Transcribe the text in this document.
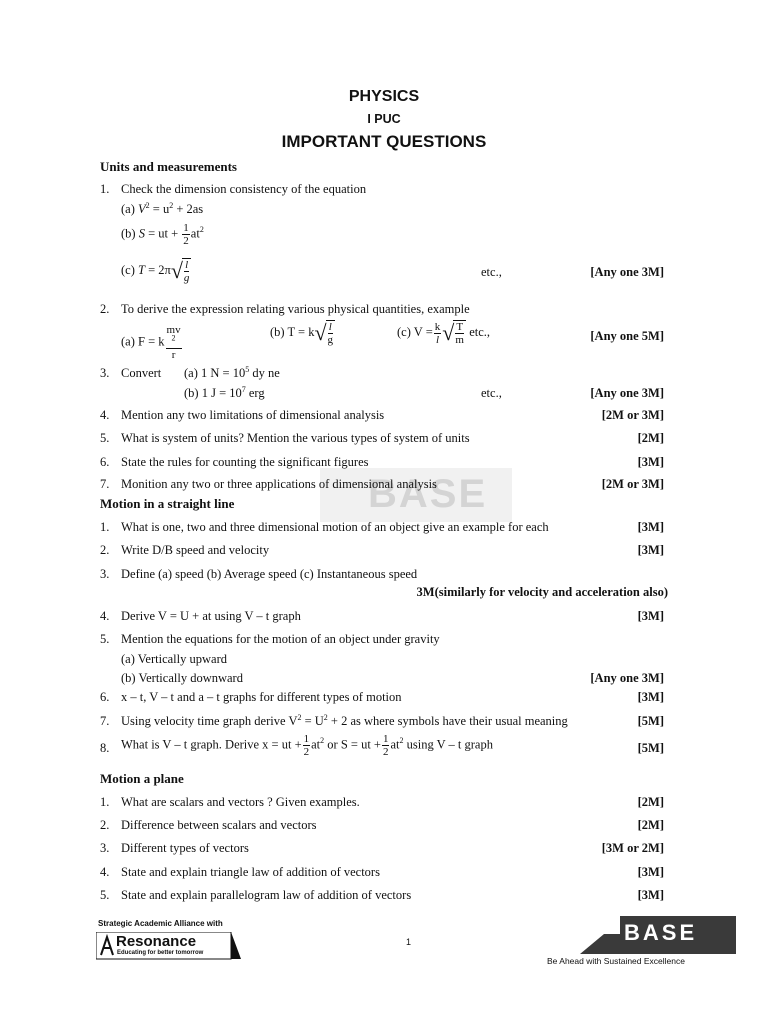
PHYSICS
I PUC
IMPORTANT QUESTIONS
BASE
Units and measurements
1. Check the dimension consistency of the equation
(a) $V^2 = u^2 + 2as$
(b) S = ut + $\frac{1}{2} at^2$
(c) $T = 2\pi√ \frac{l}{g}$	etc.,	[Any one 3M]
2. To derive the expression relating various physical quantities, example
(a) F = k mv
$^2$
r	(b) $T = k√ \frac{l}{g}$	(c) $V = \frac{k}{l}$ √ $\frac{T}{m}$ etc.,	[Any one 5M]
3. Convert (a) 1 $N = 10^5$ dy ne
(b) 1 $J = 10^7$ erg	etc.,	[Any one 3M]
4. Mention any two limitations of dimensional analysis	[2M or 3M]
5. What is system of units? Mention the various types of system of units	[2M]
6. State the rules for counting the significant figures	[3M]
7. Monition any two or three applications of dimensional analysis	[2M or 3M]
Motion in a straight line
1. What is one, two and three dimensional motion of an object give an example for each	[3M]
2. Write D/B speed and velocity	[3M]
3. Define (a) speed (b) Average speed (c) Instantaneous speed
3M(similarly for velocity and acceleration also)
4. Derive V = U + at using V – t graph	[3M]
5. Mention the equations for the motion of an object under gravity
(a) Vertically upward
(b) Vertically downward	[Any one 3M]
6. x – t, V – t and a – t graphs for different types of motion	[3M]
7. Using velocity time graph derive $V^2 = U^2 + 2$ as where symbols have their usual meaning	[5M]
8. What is V – t graph. Derive x = ut + $\frac{1}{2} at^2$ or S = ut + $\frac{1}{2} at^2$ using V – t graph	[5M]
Motion a plane
1. What are scalars and vectors ? Given examples.	[2M]
2. Difference between scalars and vectors	[2M]
3. Different types of vectors	[3M or 2M]
4. State and explain triangle law of addition of vectors	[3M]
5. State and explain parallelogram law of addition of vectors	[3M]
Strategic Academic Alliance with
Resonance
Educating for better tomorrow
1	BASE
Be Ahead with Sustained Excellence
